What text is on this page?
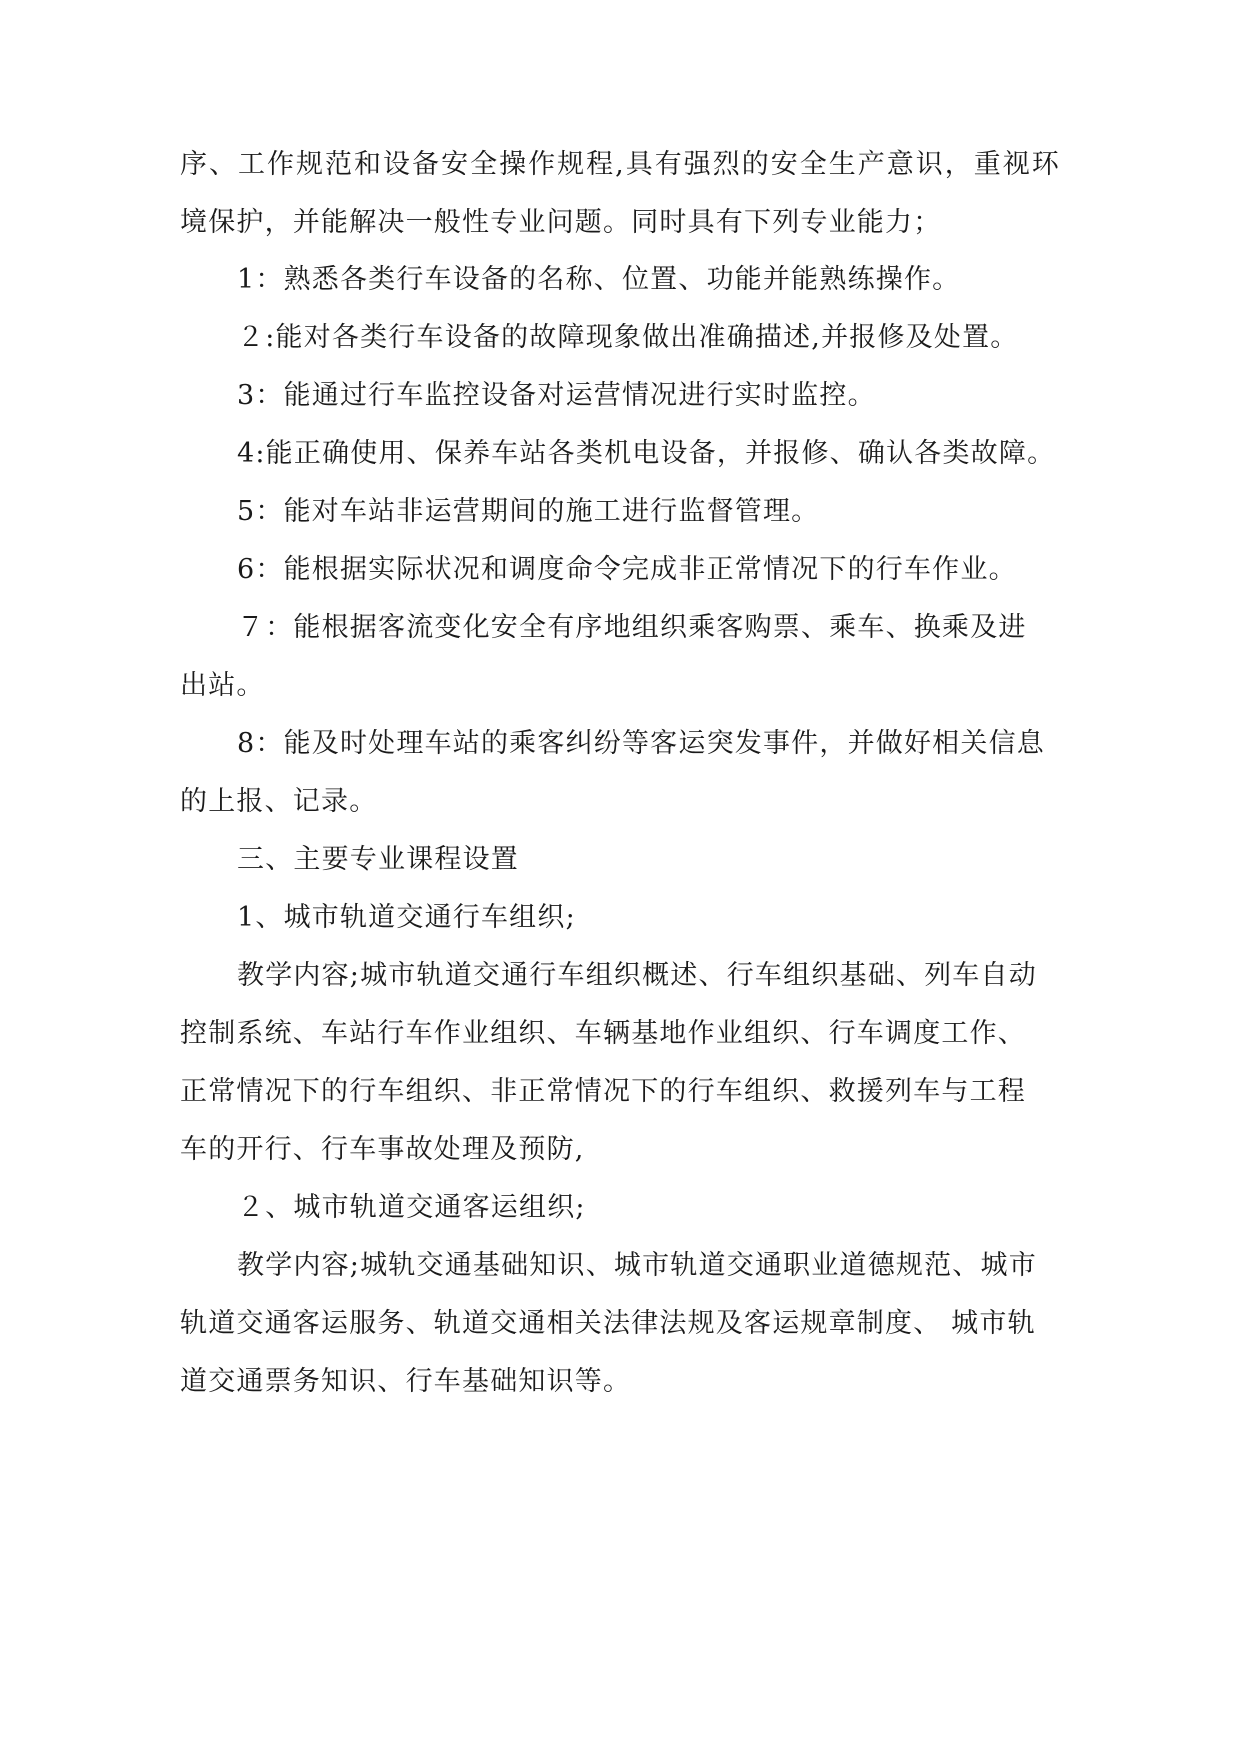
序、工作规范和设备安全操作规程,具有强烈的安全生产意识，重视环
境保护，并能解决一般性专业问题。同时具有下列专业能力；
1：熟悉各类行车设备的名称、位置、功能并能熟练操作。
２:能对各类行车设备的故障现象做出准确描述,并报修及处置。
3：能通过行车监控设备对运营情况进行实时监控。
4:能正确使用、保养车站各类机电设备，并报修、确认各类故障。
5：能对车站非运营期间的施工进行监督管理。
6：能根据实际状况和调度命令完成非正常情况下的行车作业。
７：能根据客流变化安全有序地组织乘客购票、乘车、换乘及进
出站。
8：能及时处理车站的乘客纠纷等客运突发事件，并做好相关信息
的上报、记录。
三、主要专业课程设置
1、城市轨道交通行车组织;
教学内容;城市轨道交通行车组织概述、行车组织基础、列车自动
控制系统、车站行车作业组织、车辆基地作业组织、行车调度工作、
正常情况下的行车组织、非正常情况下的行车组织、救援列车与工程
车的开行、行车事故处理及预防,
２、城市轨道交通客运组织;
教学内容;城轨交通基础知识、城市轨道交通职业道德规范、城市
轨道交通客运服务、轨道交通相关法律法规及客运规章制度、 城市轨
道交通票务知识、行车基础知识等。
